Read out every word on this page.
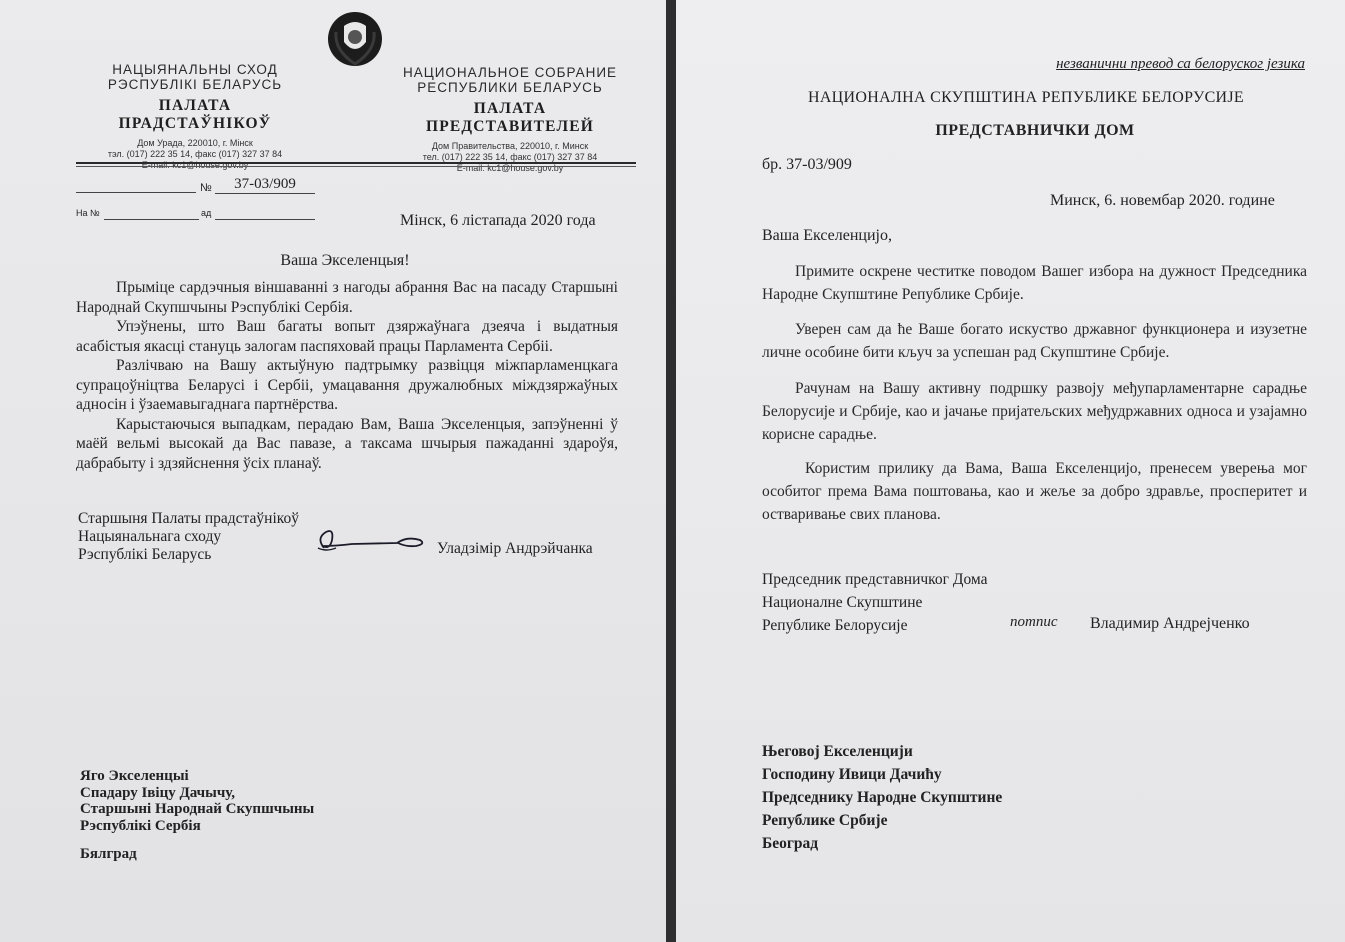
НАЦЫЯНАЛЬНЫ СХОД
РЭСПУБЛІКІ БЕЛАРУСЬ
ПАЛАТА ПРАДСТАЎНІКОЎ
Дом Урада, 220010, г. Мінск
тэл. (017) 222 35 14, факс (017) 327 37 84
E-mail: kc1@house.gov.by
НАЦИОНАЛЬНОЕ СОБРАНИЕ
РЕСПУБЛИКИ БЕЛАРУСЬ
ПАЛАТА ПРЕДСТАВИТЕЛЕЙ
Дом Правительства, 220010, г. Минск
тел. (017) 222 35 14, факс (017) 327 37 84
E-mail: kc1@house.gov.by
№	37-03/909
На №	ад	Мінск, 6 лістапада 2020 года
Ваша Экселенцыя!

Прыміце сардэчныя віншаванні з нагоды абрання Вас на пасаду Старшыні Народнай Скупшчыны Рэспублікі Сербія.

Упэўнены, што Ваш багаты вопыт дзяржаўнага дзеяча і выдатныя асабістыя якасці стануць залогам паспяховай працы Парламента Сербіі.

Разлічваю на Вашу актыўную падтрымку развіцця міжпарламенцкага супрацоўніцтва Беларусі і Сербіі, умацавання дружалюбных міждзяржаўных адносін і ўзаемавыгаднага партнёрства.

Карыстаючыся выпадкам, перадаю Вам, Ваша Экселенцыя, запэўненні ў маёй вельмі высокай да Вас павазе, а таксама шчырыя пажаданні здароўя, дабрабыту і здзяйснення ўсіх планаў.

Старшыня Палаты прадстаўнікоў
Нацыянальнага сходу
Рэспублікі Беларусь	Уладзімір Андрэйчанка
Яго Экселенцыі
Спадару Івіцу Дачычу,
Старшыні Народнай Скупшчыны
Рэспублікі Сербія
Бялград
незванични превод са белоруског језика
НАЦИОНАЛНА СКУПШТИНА РЕПУБЛИКЕ БЕЛОРУСИЈЕ
ПРЕДСТАВНИЧКИ ДОМ
бр. 37-03/909
Минск, 6. новембар 2020. године
Ваша Екселенцијо,
Примите оскрене честитке поводом Вашег избора на дужност Председника Народне Скупштине Републике Србије.
Уверен сам да ће Ваше богато искуство државног функционера и изузетне личне особине бити кључ за успешан рад Скупштине Србије.
Рачунам на Вашу активну подршку развоју међупарламентарне сарадње Белорусије и Србије, као и јачање пријатељских међудржавних односа и узајамно корисне сарадње.
Користим прилику да Вама, Ваша Екселенцијо, пренесем уверења мог особитог према Вама поштовања, као и жеље за добро здравље, просперитет и остваривање свих планова.
Председник представничког Дома
Националне Скупштине
Републике Белорусије	потпис Владимир Андрејченко
Његовој Екселенцији
Господину Ивици Дачићу
Председнику Народне Скупштине
Републике Србије
Београд
